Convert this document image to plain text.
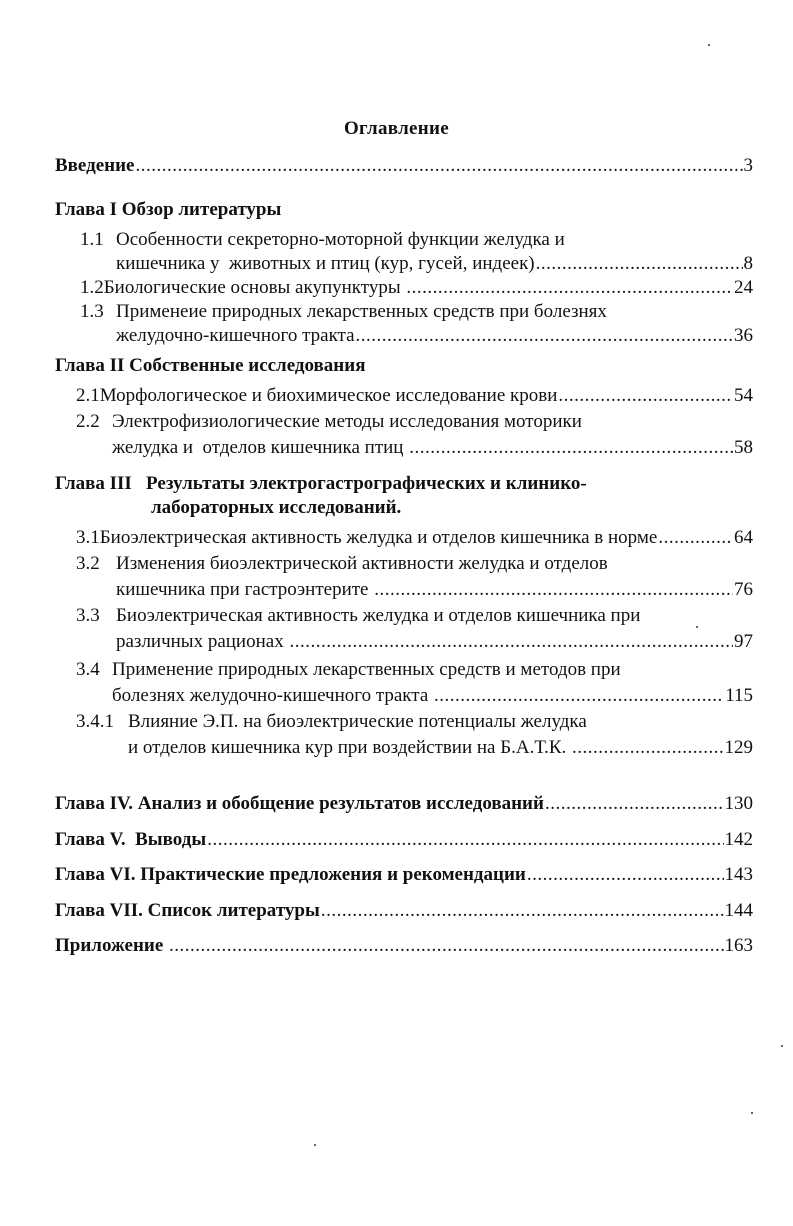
Оглавление
Введение .....	3
Глава I Обзор литературы
1.1 Особенности секреторно-моторной функции желудка и
кишечника у  животных и птиц (кур, гусей, индеек) .....	8
1.2 Биологические основы акупунктуры .....	24
1.3 Применеие природных лекарственных средств при болезнях
желудочно-кишечного тракта .....	36
Глава II Собственные исследования
2.1 Морфологическое и биохимическое исследование крови .....	54
2.2 Электрофизиологические методы исследования моторики
желудка и  отделов кишечника птиц .....	58
Глава III   Результаты электрогастрографических и клинико-
лабораторных исследований.
3.1 Биоэлектрическая активность желудка и отделов кишечника в норме .....	64
3.2 Изменения биоэлектрической активности желудка и отделов
кишечника при гастроэнтерите .....	76
3.3 Биоэлектрическая активность желудка и отделов кишечника при
различных рационах .....	97
3.4 Применение природных лекарственных средств и методов при
болезнях желудочно-кишечного тракта .....	115
3.4.1 Влияние Э.П. на биоэлектрические потенциалы желудка
и отделов кишечника кур при воздействии на Б.А.Т.К. .....	129
Глава IV. Анализ и обобщение результатов исследований .....	130
Глава V.  Выводы .....	142
Глава VI. Практические предложения и рекомендации .....	143
Глава VII. Список литературы .....	144
Приложение .....	163
